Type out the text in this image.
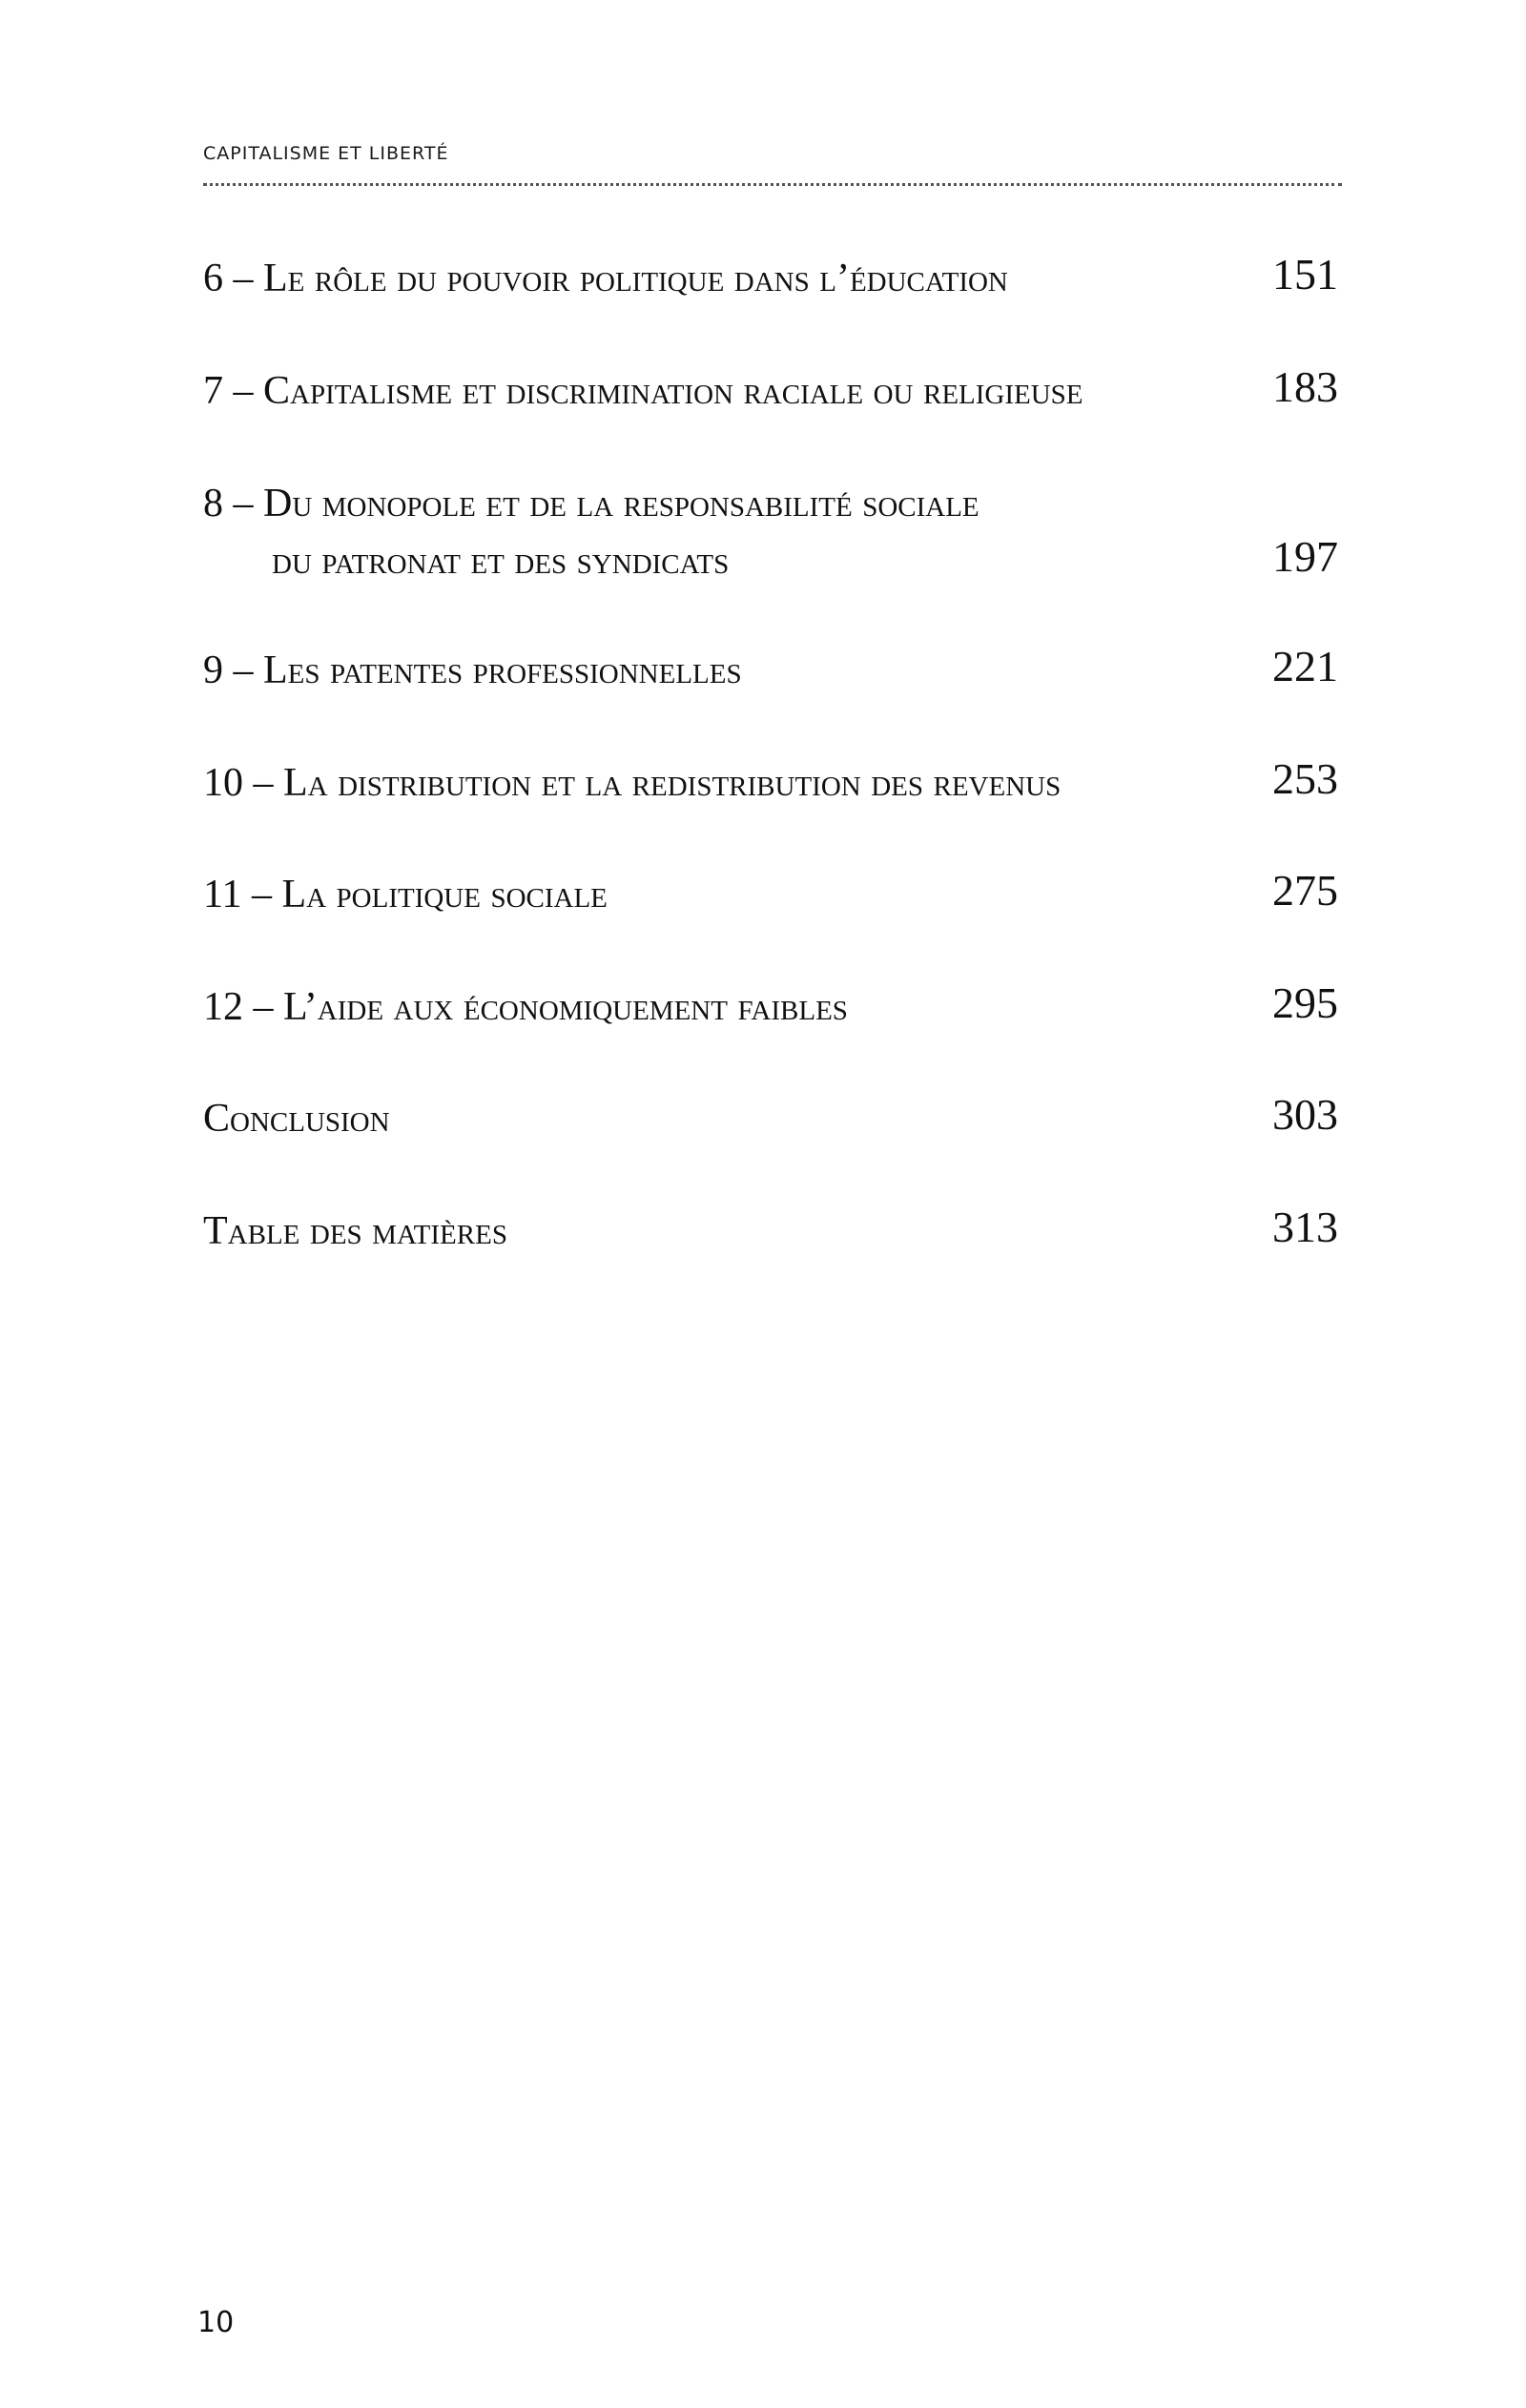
CAPITALISME ET LIBERTÉ
6 – Le rôle du pouvoir politique dans l’éducation	151
7 – Capitalisme et discrimination raciale ou religieuse	183
8 – Du monopole et de la responsabilité sociale
du patronat et des syndicats	197
9 – Les patentes professionnelles	221
10 – La distribution et la redistribution des revenus	253
11 – La politique sociale	275
12 – L’aide aux économiquement faibles	295
Conclusion	303
Table des matières	313
10
